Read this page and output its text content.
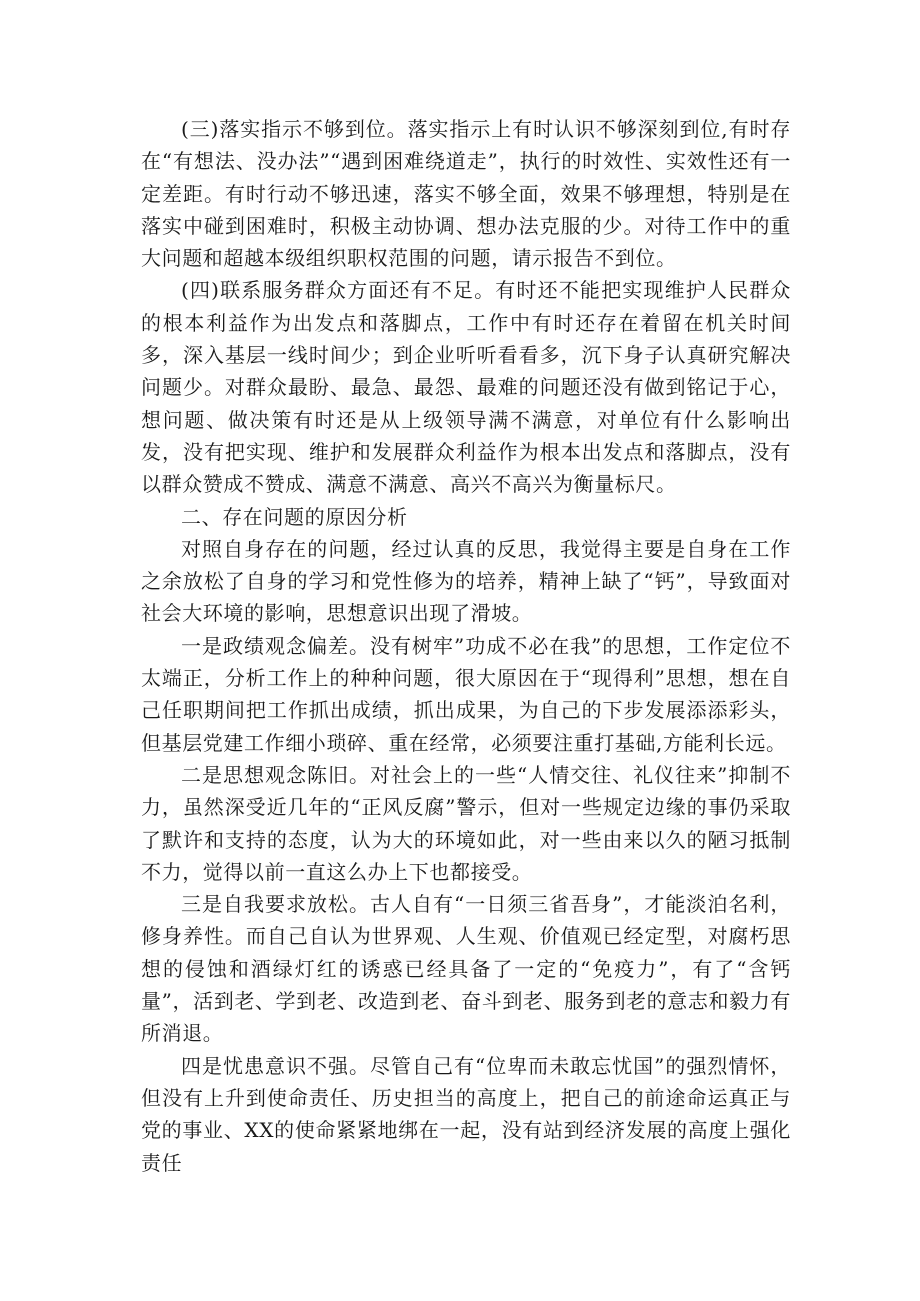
(三)落实指示不够到位。落实指示上有时认识不够深刻到位,有时存在“有想法、没办法”“遇到困难绕道走”，执行的时效性、实效性还有一定差距。有时行动不够迅速，落实不够全面，效果不够理想，特别是在落实中碰到困难时，积极主动协调、想办法克服的少。对待工作中的重大问题和超越本级组织职权范围的问题，请示报告不到位。

(四)联系服务群众方面还有不足。有时还不能把实现维护人民群众的根本利益作为出发点和落脚点，工作中有时还存在着留在机关时间多，深入基层一线时间少；到企业听听看看多，沉下身子认真研究解决问题少。对群众最盼、最急、最怨、最难的问题还没有做到铭记于心，想问题、做决策有时还是从上级领导满不满意，对单位有什么影响出发，没有把实现、维护和发展群众利益作为根本出发点和落脚点，没有以群众赞成不赞成、满意不满意、高兴不高兴为衡量标尺。

二、存在问题的原因分析

对照自身存在的问题，经过认真的反思，我觉得主要是自身在工作之余放松了自身的学习和党性修为的培养，精神上缺了“钙”，导致面对社会大环境的影响，思想意识出现了滑坡。

一是政绩观念偏差。没有树牢”功成不必在我”的思想，工作定位不太端正，分析工作上的种种问题，很大原因在于“现得利”思想，想在自己任职期间把工作抓出成绩，抓出成果，为自己的下步发展添添彩头，但基层党建工作细小琐碎、重在经常，必须要注重打基础,方能利长远。

二是思想观念陈旧。对社会上的一些“人情交往、礼仪往来”抑制不力，虽然深受近几年的“正风反腐”警示，但对一些规定边缘的事仍采取了默许和支持的态度，认为大的环境如此，对一些由来以久的陋习抵制不力，觉得以前一直这么办上下也都接受。

三是自我要求放松。古人自有“一日须三省吾身”，才能淡泊名利，修身养性。而自己自认为世界观、人生观、价值观已经定型，对腐朽思想的侵蚀和酒绿灯红的诱惑已经具备了一定的“免疫力”，有了“含钙量”，活到老、学到老、改造到老、奋斗到老、服务到老的意志和毅力有所消退。

四是忧患意识不强。尽管自己有“位卑而未敢忘忧国”的强烈情怀，但没有上升到使命责任、历史担当的高度上，把自己的前途命运真正与党的事业、XX的使命紧紧地绑在一起，没有站到经济发展的高度上强化责任
